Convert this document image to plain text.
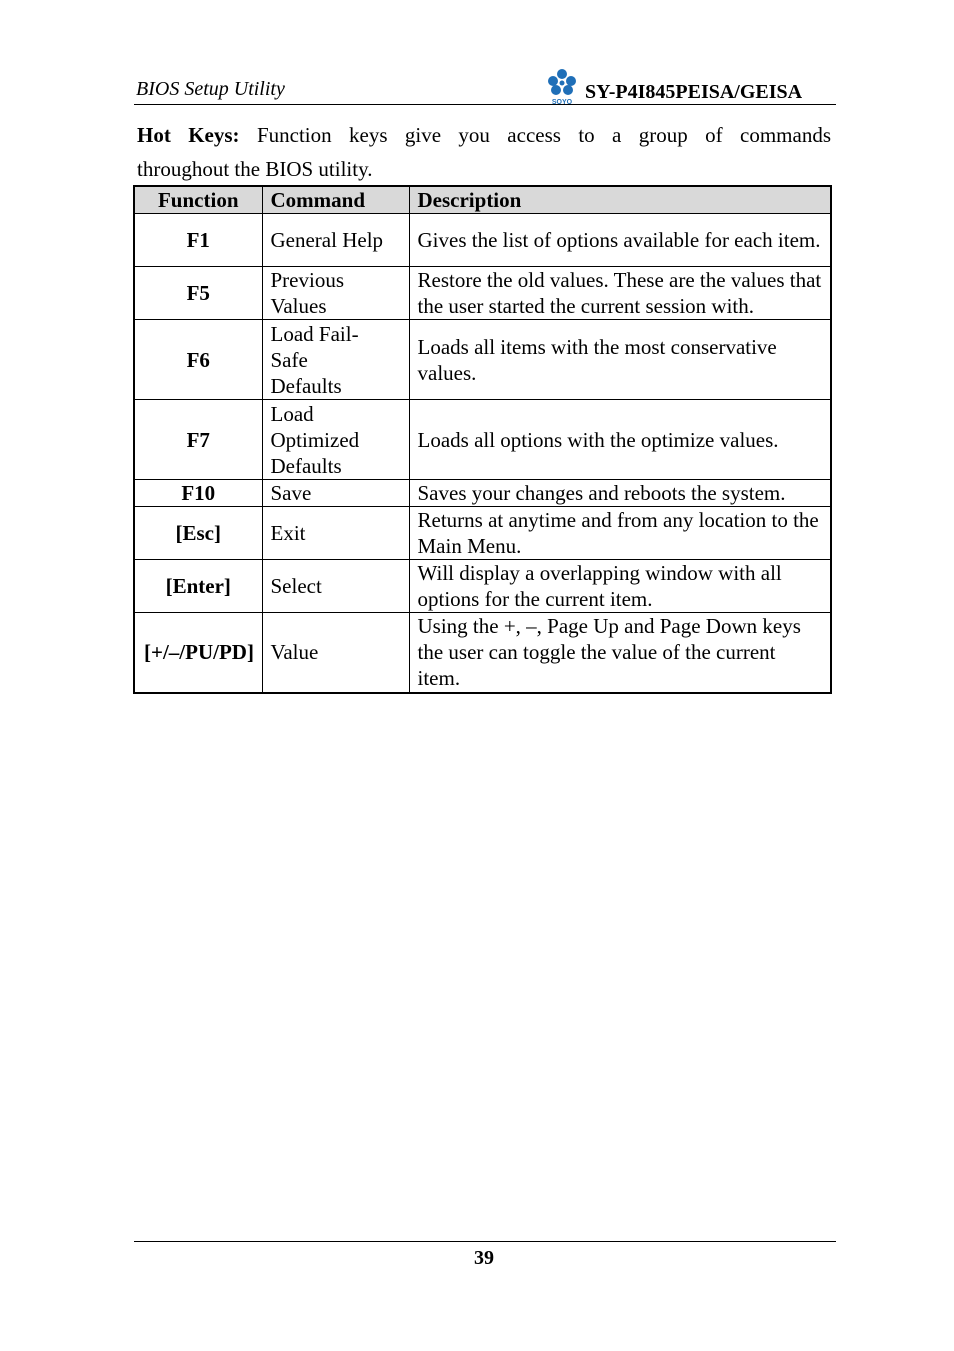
BIOS Setup Utility
SOYO SY-P4I845PEISA/GEISA
Hot Keys: Function keys give you access to a group of commands
throughout the BIOS utility.
Function	Command	Description
F1	General Help	Gives the list of options available for each item.
F5	Previous Values	Restore the old values. These are the values that the user started the current session with.
F6	Load Fail-Safe Defaults	Loads all items with the most conservative values.
F7	Load Optimized Defaults	Loads all options with the optimize values.
F10	Save	Saves your changes and reboots the system.
[Esc]	Exit	Returns at anytime and from any location to the Main Menu.
[Enter]	Select	Will display a overlapping window with all options for the current item.

[+/–/PU/PD]	Value	Using the +, –, Page Up and Page Down keys the user can toggle the value of the current item.
39
